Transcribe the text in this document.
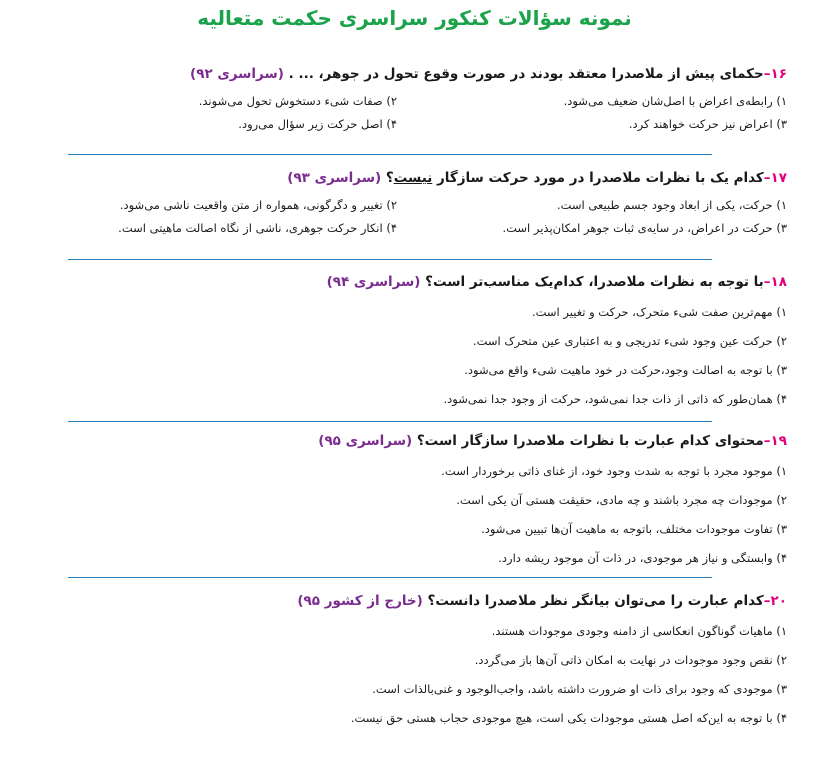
نمونه سؤالات کنکور سراسری حکمت متعالیه
۱۶–حکمای پیش از ملاصدرا معتقد بودند در صورت وقوع تحول در جوهر، ... . (سراسری ۹۲)
۱) رابطه‌ی اعراض با اصل‌شان ضعیف می‌شود.
۲) صفات شیء دستخوش تحول می‌شوند.
۳) اعراض نیز حرکت خواهند کرد.
۴) اصل حرکت زیر سؤال می‌رود.
۱۷–کدام یک با نظرات ملاصدرا در مورد حرکت سازگار نیست؟ (سراسری ۹۳)
۱) حرکت، یکی از ابعاد وجود جسم طبیعی است.
۲) تغییر و دگرگونی، همواره از متن واقعیت ناشی می‌شود.
۳) حرکت در اعراض، در سایه‌ی ثبات جوهر امکان‌پذیر است.
۴) انکار حرکت جوهری، ناشی از نگاه اصالت ماهیتی است.
۱۸–با توجه به نظرات ملاصدرا، کدام‌یک مناسب‌تر است؟ (سراسری ۹۴)
۱) مهم‌ترین صفت شیء متحرک، حرکت و تغییر است.
۲) حرکت عین وجود شیء تدریجی و به اعتباری عین متحرک است.
۳) با توجه به اصالت وجود،حرکت در خود ماهیت شیء واقع می‌شود.
۴) همان‌طور که ذاتی از ذات جدا نمی‌شود، حرکت از وجود جدا نمی‌شود.
۱۹–محتوای کدام عبارت با نظرات ملاصدرا سازگار است؟ (سراسری ۹۵)
۱) موجود مجرد با توجه به شدت وجود خود، از غنای ذاتی برخوردار است.
۲) موجودات چه مجرد باشند و چه مادی، حقیقت هستی آن یکی است.
۳) تفاوت موجودات مختلف، باتوجه به ماهیت آن‌ها تبیین می‌شود.
۴) وابستگی و نیاز هر موجودی، در ذات آن موجود ریشه دارد.
۲۰–کدام عبارت را می‌توان بیانگر نظر ملاصدرا دانست؟ (خارج از کشور ۹۵)
۱) ماهیات گوناگون انعکاسی از دامنه وجودی موجودات هستند.
۲) نقص وجود موجودات در نهایت به امکان ذاتی آن‌ها باز می‌گردد.
۳) موجودی که وجود برای ذات او ضرورت داشته باشد، واجب‌الوجود و غنی‌بالذات است.
۴) با توجه به این‌که اصل هستی موجودات یکی است، هیچ موجودی حجاب هستی حق نیست.
